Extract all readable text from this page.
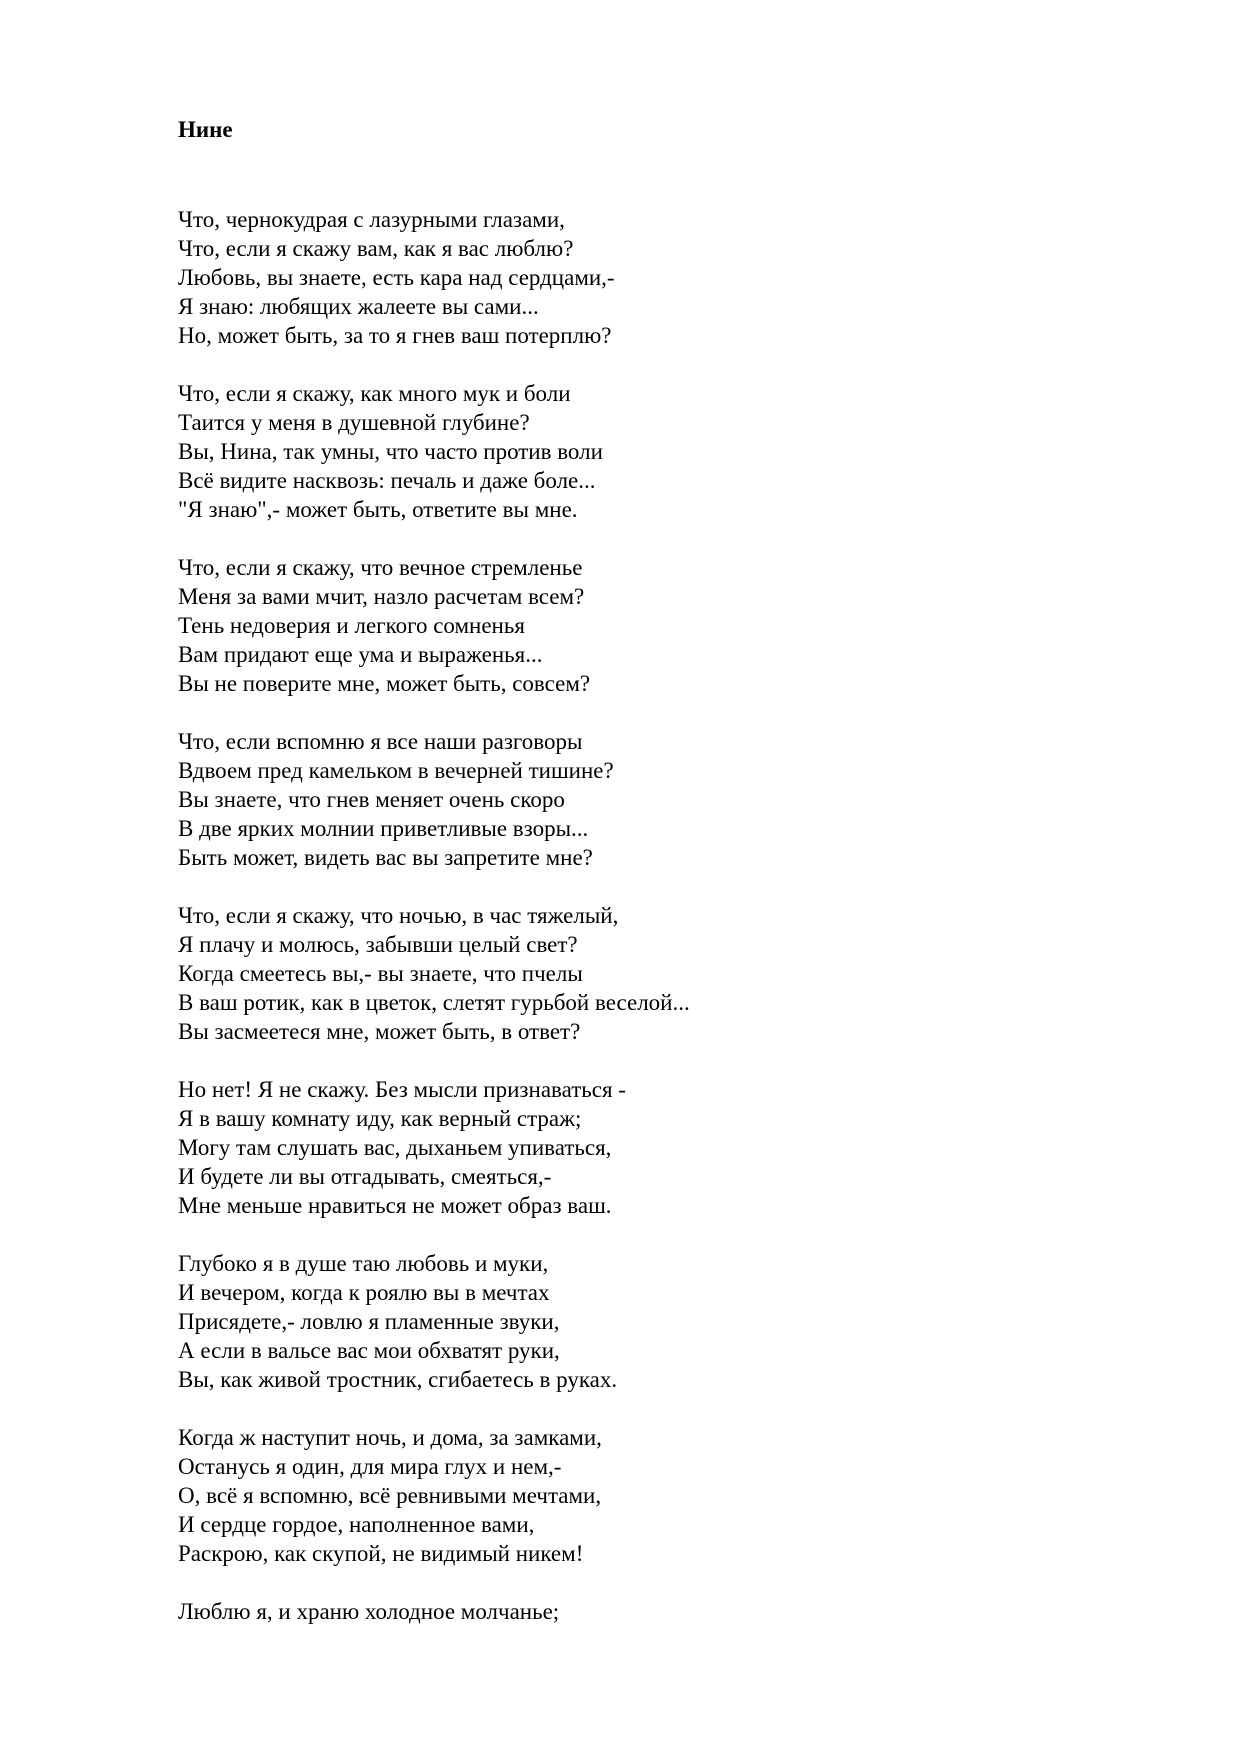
Нине
Что, чернокудрая с лазурными глазами,
Что, если я скажу вам, как я вас люблю?
Любовь, вы знаете, есть кара над сердцами,-
Я знаю: любящих жалеете вы сами...
Но, может быть, за то я гнев ваш потерплю?
Что, если я скажу, как много мук и боли
Таится у меня в душевной глубине?
Вы, Нина, так умны, что часто против воли
Всё видите насквозь: печаль и даже боле...
"Я знаю",- может быть, ответите вы мне.
Что, если я скажу, что вечное стремленье
Меня за вами мчит, назло расчетам всем?
Тень недоверия и легкого сомненья
Вам придают еще ума и выраженья...
Вы не поверите мне, может быть, совсем?
Что, если вспомню я все наши разговоры
Вдвоем пред камельком в вечерней тишине?
Вы знаете, что гнев меняет очень скоро
В две ярких молнии приветливые взоры...
Быть может, видеть вас вы запретите мне?
Что, если я скажу, что ночью, в час тяжелый,
Я плачу и молюсь, забывши целый свет?
Когда смеетесь вы,- вы знаете, что пчелы
В ваш ротик, как в цветок, слетят гурьбой веселой...
Вы засмеетеся мне, может быть, в ответ?
Но нет! Я не скажу. Без мысли признаваться -
Я в вашу комнату иду, как верный страж;
Могу там слушать вас, дыханьем упиваться,
И будете ли вы отгадывать, смеяться,-
Мне меньше нравиться не может образ ваш.
Глубоко я в душе таю любовь и муки,
И вечером, когда к роялю вы в мечтах
Присядете,- ловлю я пламенные звуки,
А если в вальсе вас мои обхватят руки,
Вы, как живой тростник, сгибаетесь в руках.
Когда ж наступит ночь, и дома, за замками,
Останусь я один, для мира глух и нем,-
О, всё я вспомню, всё ревнивыми мечтами,
И сердце гордое, наполненное вами,
Раскрою, как скупой, не видимый никем!
Люблю я, и храню холодное молчанье;
